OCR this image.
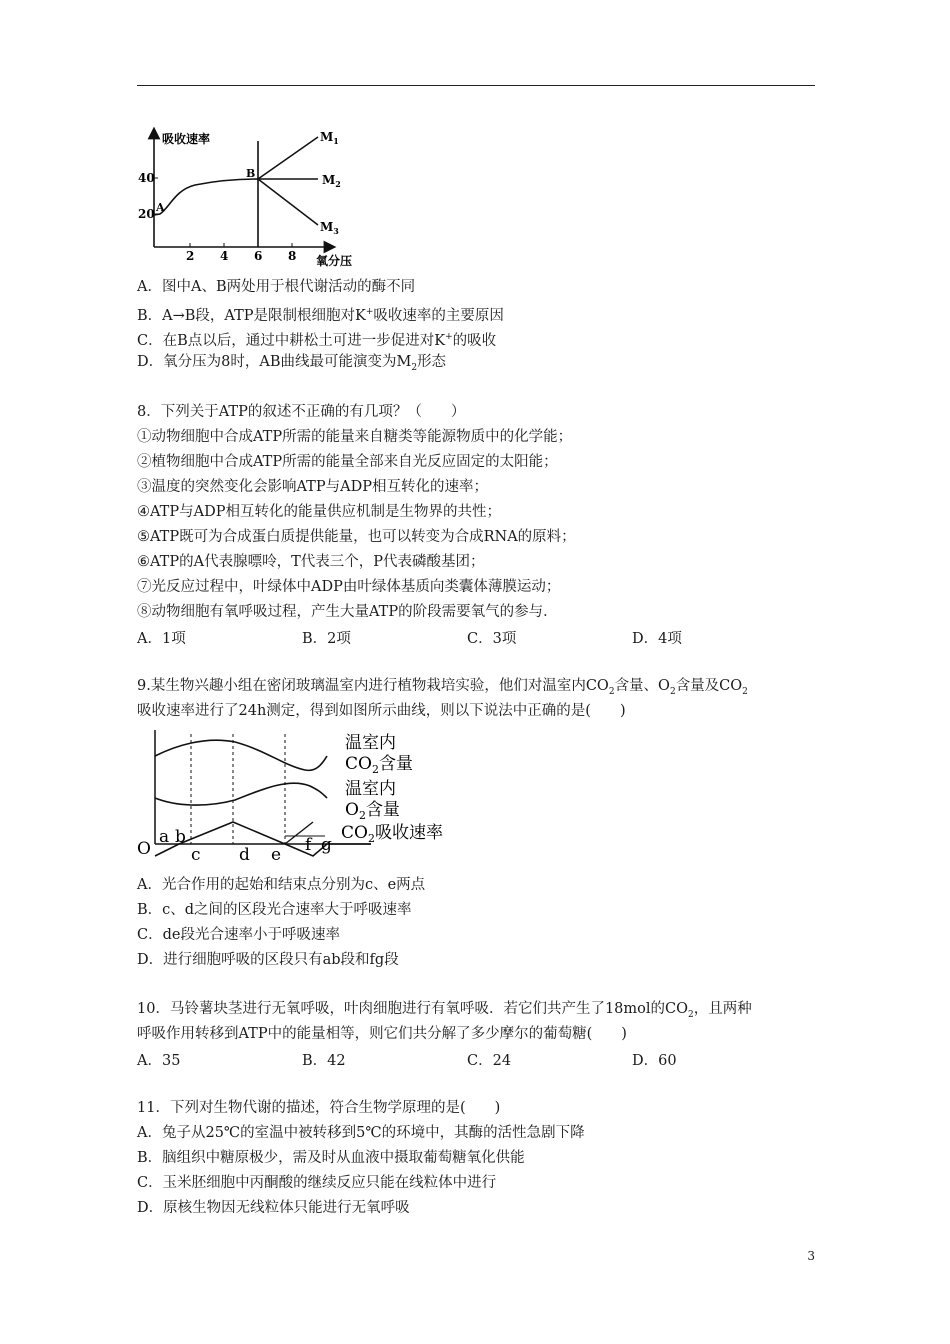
吸收速率
氧分压
40
20
2 4 6 8
A
B
$M_1$
$M_2$
$M_3$
A．图中A、B两处用于根代谢活动的酶不同
B．A→B段，ATP是限制根细胞对K+吸收速率的主要原因
C．在B点以后，通过中耕松土可进一步促进对K+的吸收
D．氧分压为8时，AB曲线最可能演变为$M_2$形态
8．下列关于ATP的叙述不正确的有几项？（　　）
①动物细胞中合成ATP所需的能量来自糖类等能源物质中的化学能；
②植物细胞中合成ATP所需的能量全部来自光反应固定的太阳能；
③温度的突然变化会影响ATP与ADP相互转化的速率；
④ATP与ADP相互转化的能量供应机制是生物界的共性；
⑤ATP既可为合成蛋白质提供能量，也可以转变为合成RNA的原料；
⑥ATP的A代表腺嘌呤，T代表三个，P代表磷酸基团；
⑦光反应过程中，叶绿体中ADP由叶绿体基质向类囊体薄膜运动；
⑧动物细胞有氧呼吸过程，产生大量ATP的阶段需要氧气的参与．
A．1项	B．2项	C．3项	D．4项
9.某生物兴趣小组在密闭玻璃温室内进行植物栽培实验，他们对温室内$CO_2$含量、$O_2$含量及$CO_2$
吸收速率进行了24h测定，得到如图所示曲线，则以下说法中正确的是(　　)
温室内
$CO_2$含量
温室内
$O_2$含量
$CO_2$吸收速率
O
a b
c d e f g
A．光合作用的起始和结束点分别为c、e两点
B．c、d之间的区段光合速率大于呼吸速率
C．de段光合速率小于呼吸速率
D．进行细胞呼吸的区段只有ab段和fg段
10．马铃薯块茎进行无氧呼吸，叶肉细胞进行有氧呼吸．若它们共产生了18mol的$CO_2$，且两种
呼吸作用转移到ATP中的能量相等，则它们共分解了多少摩尔的葡萄糖(　　)
A．35	B．42	C．24	D．60
11．下列对生物代谢的描述，符合生物学原理的是(　　)
A．兔子从25℃的室温中被转移到5℃的环境中，其酶的活性急剧下降
B．脑组织中糖原极少，需及时从血液中摄取葡萄糖氧化供能
C．玉米胚细胞中丙酮酸的继续反应只能在线粒体中进行
D．原核生物因无线粒体只能进行无氧呼吸
3
